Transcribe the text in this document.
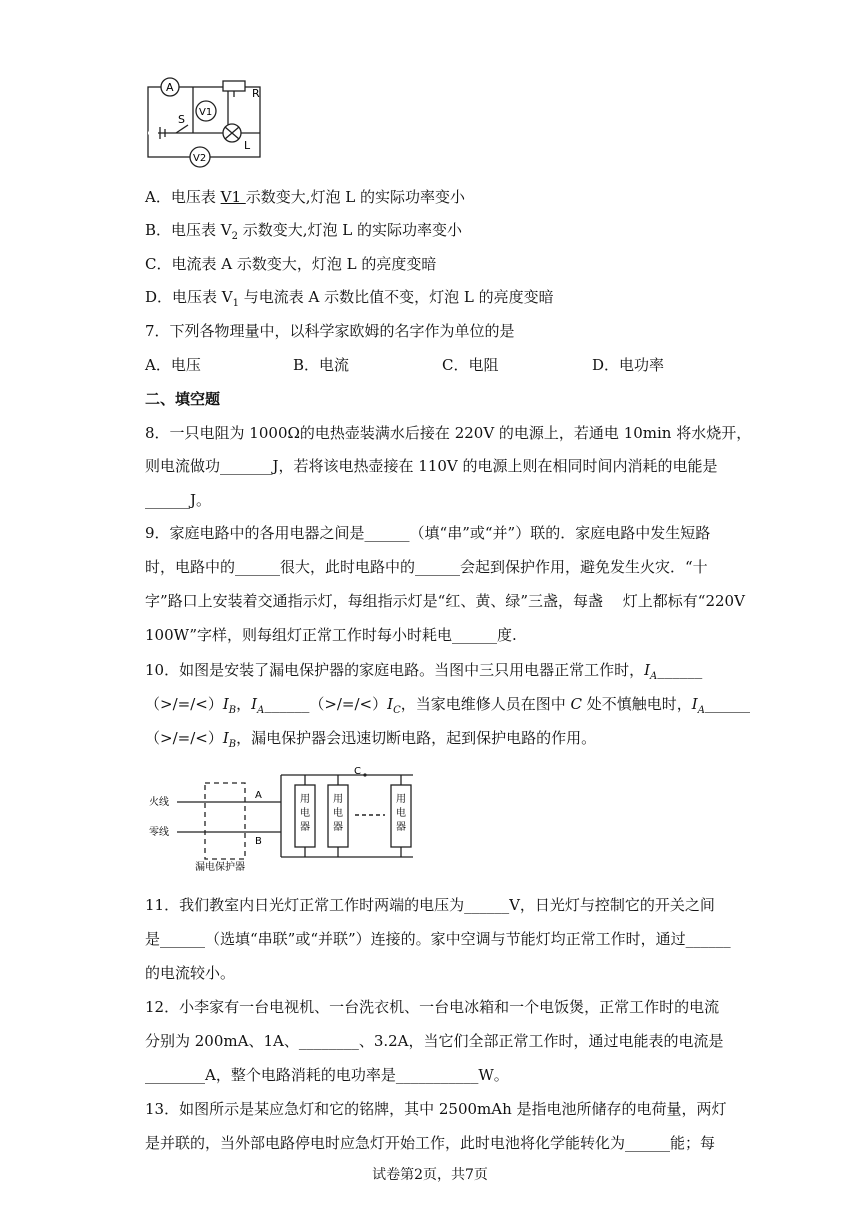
A
V1
V2
S
R
L
A．电压表 V1 示数变大,灯泡 L 的实际功率变小
B．电压表 $V_2$ 示数变大,灯泡 L 的实际功率变小
C．电流表 A 示数变大，灯泡 L 的亮度变暗
D．电压表 $V_1$ 与电流表 A 示数比值不变，灯泡 L 的亮度变暗
7．下列各物理量中，以科学家欧姆的名字作为单位的是
A．电压	B．电流	C．电阻	D．电功率
二、填空题
8．一只电阻为 1000Ω的电热壶装满水后接在 220V 的电源上，若通电 10min 将水烧开，
则电流做功_______J，若将该电热壶接在 110V 的电源上则在相同时间内消耗的电能是
______J。
9．家庭电路中的各用电器之间是______（填“串”或“并”）联的．家庭电路中发生短路
时，电路中的______很大，此时电路中的______会起到保护作用，避免发生火灾．“十
字”路口上安装着交通指示灯，每组指示灯是“红、黄、绿”三盏，每盏　 灯上都标有“220V
100W”字样，则每组灯正常工作时每小时耗电______度.
10．如图是安装了漏电保护器的家庭电路。当图中三只用电器正常工作时，$I_A\_\_\_\_\_\_$
$(>/=/<)I_B$，$I_A\_\_\_\_\_\_(>/=/<)I_C$，当家电维修人员在图中 C 处不慎触电时，$I_A\_\_\_\_\_\_$
$(>/=/<)I_B$，漏电保护器会迅速切断电路，起到保护电路的作用。
火线
零线
A
B
C
用电器
用电器
用电器
漏电保护器
11．我们教室内日光灯正常工作时两端的电压为______V，日光灯与控制它的开关之间
是______（选填“串联”或“并联”）连接的。家中空调与节能灯均正常工作时，通过______
的电流较小。
12．小李家有一台电视机、一台洗衣机、一台电冰箱和一个电饭煲，正常工作时的电流
分别为 200mA、1A、________、3.2A，当它们全部正常工作时，通过电能表的电流是
________A，整个电路消耗的电功率是___________W。
13．如图所示是某应急灯和它的铭牌，其中 2500mAh 是指电池所储存的电荷量，两灯
是并联的，当外部电路停电时应急灯开始工作，此时电池将化学能转化为______能；每
试卷第2页，共7页
